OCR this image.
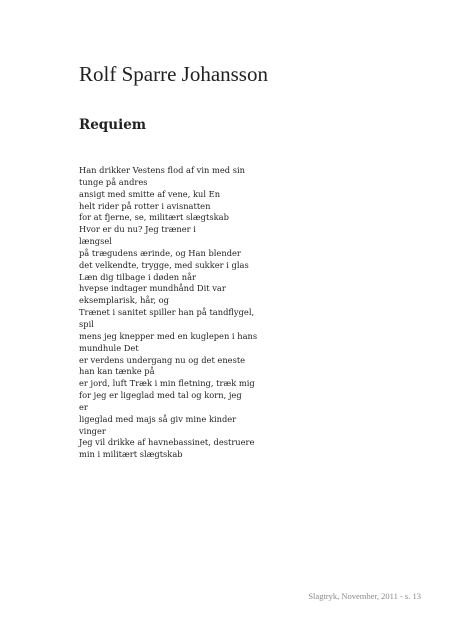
Rolf Sparre Johansson
Requiem
Han drikker Vestens flod af vin med sin
tunge på andres
ansigt med smitte af vene, kul En
helt rider på rotter i avisnatten
for at fjerne, se, militært slægtskab
Hvor er du nu? Jeg træner i
længsel
på trægudens ærinde, og Han blender
det velkendte, trygge, med sukker i glas
Læn dig tilbage i døden når
hvepse indtager mundhånd Dit var
eksemplarisk, hår, og
Trænet i sanitet spiller han på tandflygel,
spil
mens jeg knepper med en kuglepen i hans
mundhule Det
er verdens undergang nu og det eneste
han kan tænke på
er jord, luft Træk i min fletning, træk mig
for jeg er ligeglad med tal og korn, jeg
er
ligeglad med majs så giv mine kinder
vinger
Jeg vil drikke af havnebassinet, destruere
min i militært slægtskab
Slagtryk, November, 2011 - s. 13
